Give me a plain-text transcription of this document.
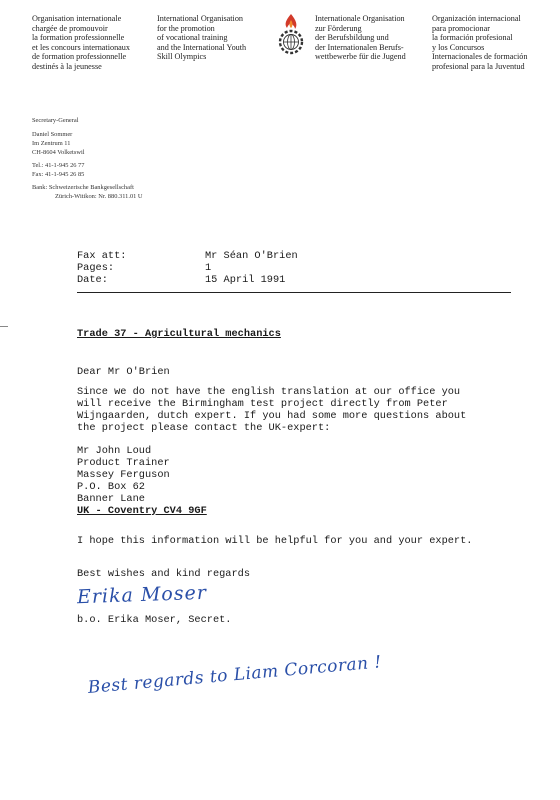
Organisation internationale
chargée de promouvoir
la formation professionnelle
et les concours internationaux
de formation professionnelle
destinés à la jeunesse
International Organisation
for the promotion
of vocational training
and the International Youth
Skill Olympics
Internationale Organisation
zur Förderung
der Berufsbildung und
der Internationalen Berufs-
wettbewerbe für die Jugend
Organización internacional
para promocionar
la formación profesional
y los Concursos
Internacionales de formación
profesional para la Juventud
Secretary-General
Daniel Sommer
Im Zentrum 11
CH-8604 Volketswil
Tel.: 41-1-945 26 77
Fax: 41-1-945 26 85
Bank: Schweizerische Bankgesellschaft
Zürich-Witikon: Nr. 880.311.01 U
Fax att:	Mr Séan O'Brien
Pages:	1
Date:	15 April 1991
Trade 37 - Agricultural mechanics
Dear Mr O'Brien
Since we do not have the english translation at our office you
will receive the Birmingham test project directly from Peter
Wijngaarden, dutch expert. If you had some more questions about
the project please contact the UK-expert:
Mr John Loud
Product Trainer
Massey Ferguson
P.O. Box 62
Banner Lane
UK - Coventry CV4 9GF
I hope this information will be helpful for you and your expert.
Best wishes and kind regards
Erika Moser
b.o. Erika Moser, Secret.
Best regards to Liam Corcoran !
